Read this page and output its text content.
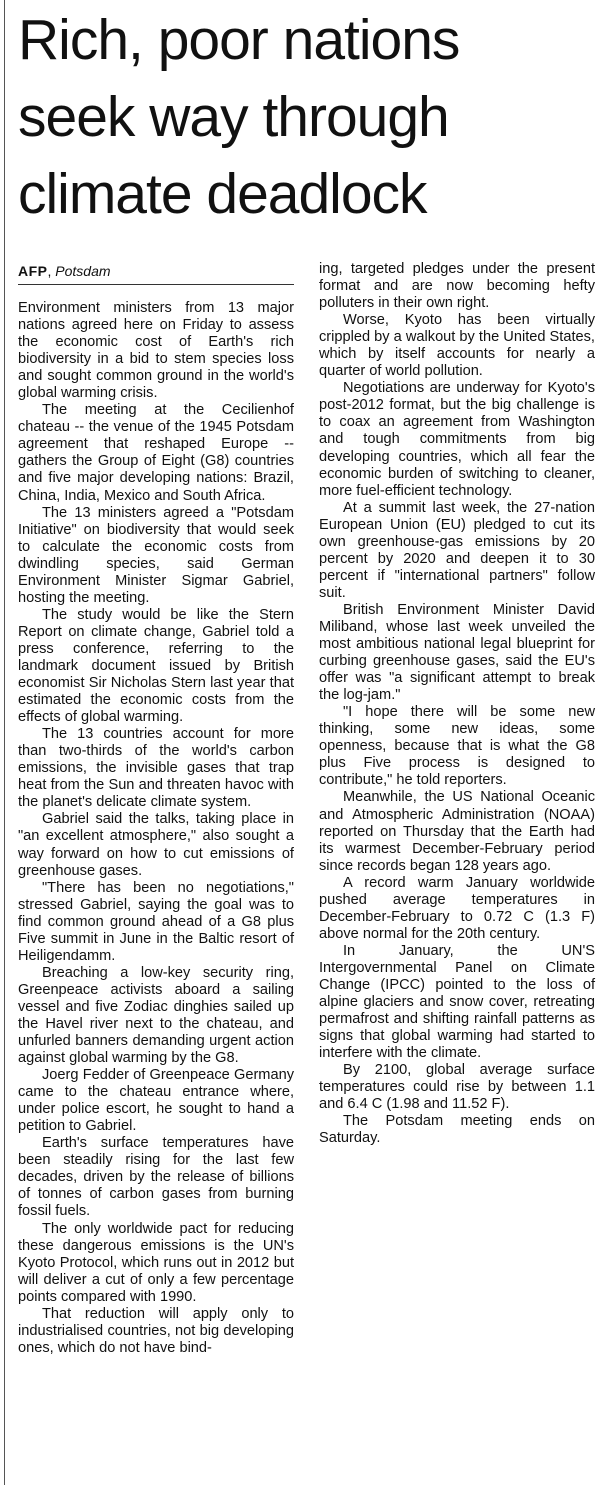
Rich, poor nations
seek way through
climate deadlock
AFP, Potsdam

Environment ministers from 13 major nations agreed here on Friday to assess the economic cost of Earth's rich biodiversity in a bid to stem species loss and sought common ground in the world's global warming crisis.

The meeting at the Cecilienhof chateau -- the venue of the 1945 Potsdam agreement that reshaped Europe -- gathers the Group of Eight (G8) countries and five major developing nations: Brazil, China, India, Mexico and South Africa.

The 13 ministers agreed a "Potsdam Initiative" on biodiversity that would seek to calculate the economic costs from dwindling species, said German Environment Minister Sigmar Gabriel, hosting the meeting.

The study would be like the Stern Report on climate change, Gabriel told a press conference, referring to the landmark document issued by British economist Sir Nicholas Stern last year that estimated the economic costs from the effects of global warming.

The 13 countries account for more than two-thirds of the world's carbon emissions, the invisible gases that trap heat from the Sun and threaten havoc with the planet's delicate climate system.

Gabriel said the talks, taking place in "an excellent atmosphere," also sought a way forward on how to cut emissions of greenhouse gases.

"There has been no negotiations," stressed Gabriel, saying the goal was to find common ground ahead of a G8 plus Five summit in June in the Baltic resort of Heiligendamm.

Breaching a low-key security ring, Greenpeace activists aboard a sailing vessel and five Zodiac dinghies sailed up the Havel river next to the chateau, and unfurled banners demanding urgent action against global warming by the G8.

Joerg Fedder of Greenpeace Germany came to the chateau entrance where, under police escort, he sought to hand a petition to Gabriel.

Earth's surface temperatures have been steadily rising for the last few decades, driven by the release of billions of tonnes of carbon gases from burning fossil fuels.

The only worldwide pact for reducing these dangerous emissions is the UN's Kyoto Protocol, which runs out in 2012 but will deliver a cut of only a few percentage points compared with 1990.

That reduction will apply only to industrialised countries, not big developing ones, which do not have bind-

ing, targeted pledges under the present format and are now becoming hefty polluters in their own right.

Worse, Kyoto has been virtually crippled by a walkout by the United States, which by itself accounts for nearly a quarter of world pollution.

Negotiations are underway for Kyoto's post-2012 format, but the big challenge is to coax an agreement from Washington and tough commitments from big developing countries, which all fear the economic burden of switching to cleaner, more fuel-efficient technology.

At a summit last week, the 27-nation European Union (EU) pledged to cut its own greenhouse-gas emissions by 20 percent by 2020 and deepen it to 30 percent if "international partners" follow suit.

British Environment Minister David Miliband, whose last week unveiled the most ambitious national legal blueprint for curbing greenhouse gases, said the EU's offer was "a significant attempt to break the log-jam."

"I hope there will be some new thinking, some new ideas, some openness, because that is what the G8 plus Five process is designed to contribute," he told reporters.

Meanwhile, the US National Oceanic and Atmospheric Administration (NOAA) reported on Thursday that the Earth had its warmest December-February period since records began 128 years ago.

A record warm January worldwide pushed average temperatures in December-February to 0.72 C (1.3 F) above normal for the 20th century.

In January, the UN'S Intergovernmental Panel on Climate Change (IPCC) pointed to the loss of alpine glaciers and snow cover, retreating permafrost and shifting rainfall patterns as signs that global warming had started to interfere with the climate.

By 2100, global average surface temperatures could rise by between 1.1 and 6.4 C (1.98 and 11.52 F).

The Potsdam meeting ends on Saturday.
